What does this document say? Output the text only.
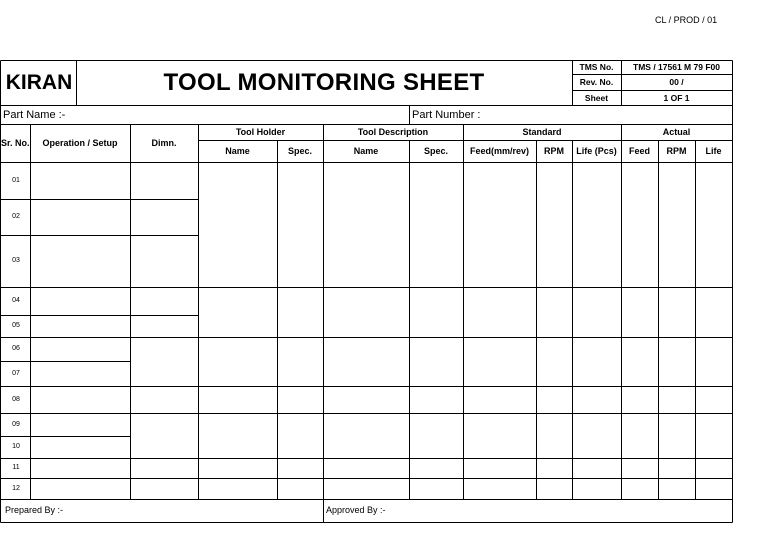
CL / PROD / 01
KIRAN	TOOL MONITORING SHEET
TMS No.	TMS / 17561 M 79 F00
Rev. No.	00 /
Sheet	1 OF 1
Part Name :-	Part Number :
Sr. No.	Operation / Setup	Dimn.
Tool Holder	Tool Description	Standard	Actual
Name	Spec.	Name	Spec.	Feed(mm/rev)	RPM	Life (Pcs)	Feed	RPM	Life
01
02
03
04
05
06
07
08
09
10
11
12
Prepared By :-	Approved By :-
